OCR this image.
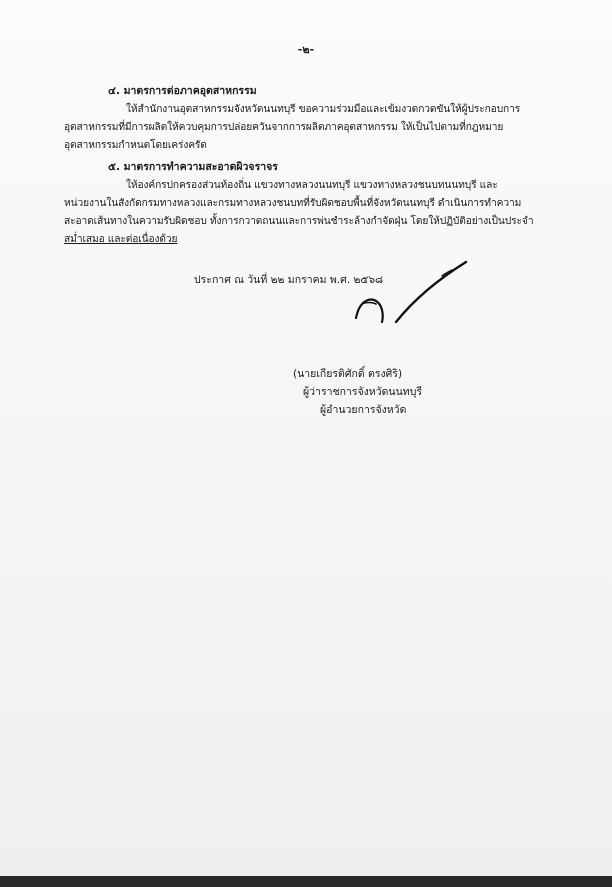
-๒-
๔. มาตรการต่อภาคอุตสาหกรรม
ให้สำนักงานอุตสาหกรรมจังหวัดนนทบุรี ขอความร่วมมือและเข้มงวดกวดขันให้ผู้ประกอบการ
อุตสาหกรรมที่มีการผลิตให้ควบคุมการปล่อยควันจากการผลิตภาคอุตสาหกรรม ให้เป็นไปตามที่กฎหมาย
อุตสาหกรรมกำหนดโดยเคร่งครัด
๕. มาตรการทำความสะอาดผิวจราจร
ให้องค์กรปกครองส่วนท้องถิ่น แขวงทางหลวงนนทบุรี แขวงทางหลวงชนบทนนทบุรี และ
หน่วยงานในสังกัดกรมทางหลวงและกรมทางหลวงชนบทที่รับผิดชอบพื้นที่จังหวัดนนทบุรี ดำเนินการทำความ
สะอาดเส้นทางในความรับผิดชอบ ทั้งการกวาดถนนและการพ่นชำระล้างกำจัดฝุ่น โดยให้ปฏิบัติอย่างเป็นประจำ
สม่ำเสมอ และต่อเนื่องด้วย
ประกาศ ณ วันที่ ๒๒ มกราคม พ.ศ. ๒๕๖๘
(นายเกียรติศักดิ์ ตรงศิริ)
ผู้ว่าราชการจังหวัดนนทบุรี
ผู้อำนวยการจังหวัด
